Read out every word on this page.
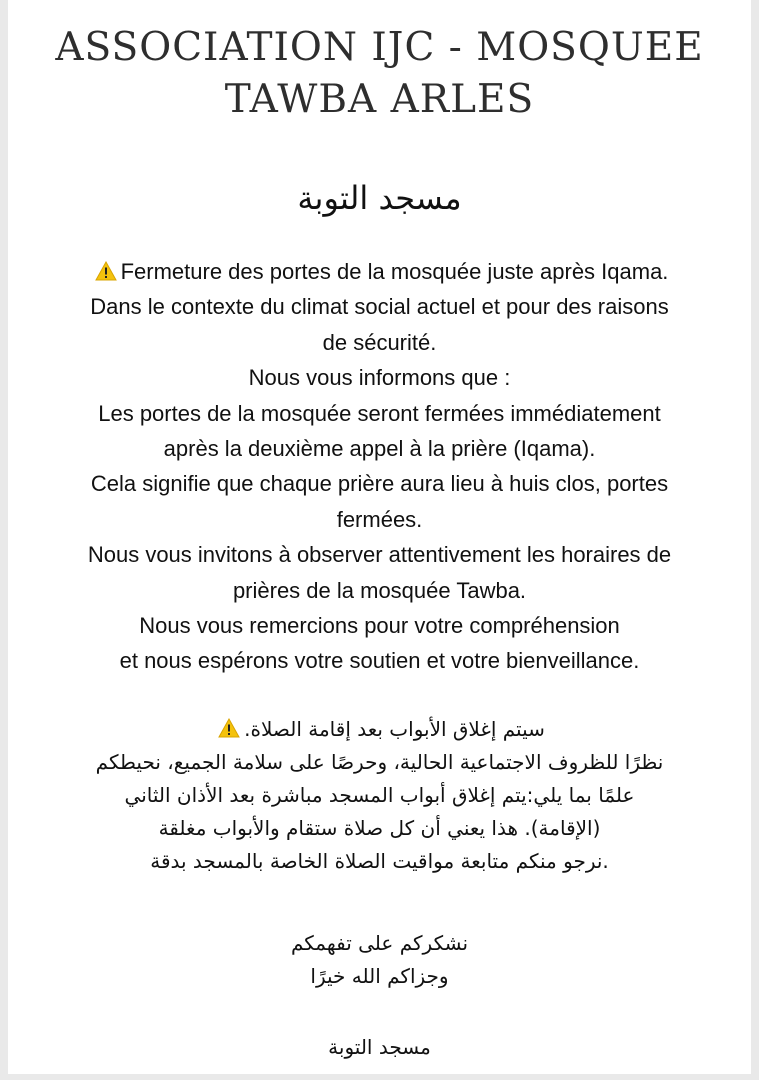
ASSOCIATION IJC - MOSQUEE
TAWBA ARLES
مسجد التوبة
Fermeture des portes de la mosquée juste après Iqama.
Dans le contexte du climat social actuel et pour des raisons
de sécurité.
Nous vous informons que :
Les portes de la mosquée seront fermées immédiatement
après la deuxième appel à la prière (Iqama).
Cela signifie que chaque prière aura lieu à huis clos, portes
fermées.
Nous vous invitons à observer attentivement les horaires de
prières de la mosquée Tawba.
Nous vous remercions pour votre compréhension
et nous espérons votre soutien et votre bienveillance.
سيتم إغلاق الأبواب بعد إقامة الصلاة.
نظرًا للظروف الاجتماعية الحالية، وحرصًا على سلامة الجميع، نحيطكم
علمًا بما يلي:يتم إغلاق أبواب المسجد مباشرة بعد الأذان الثاني
(الإقامة). هذا يعني أن كل صلاة ستقام والأبواب مغلقة
.نرجو منكم متابعة مواقيت الصلاة الخاصة بالمسجد بدقة
نشكركم على تفهمكم
وجزاكم الله خيرًا
مسجد التوبة
